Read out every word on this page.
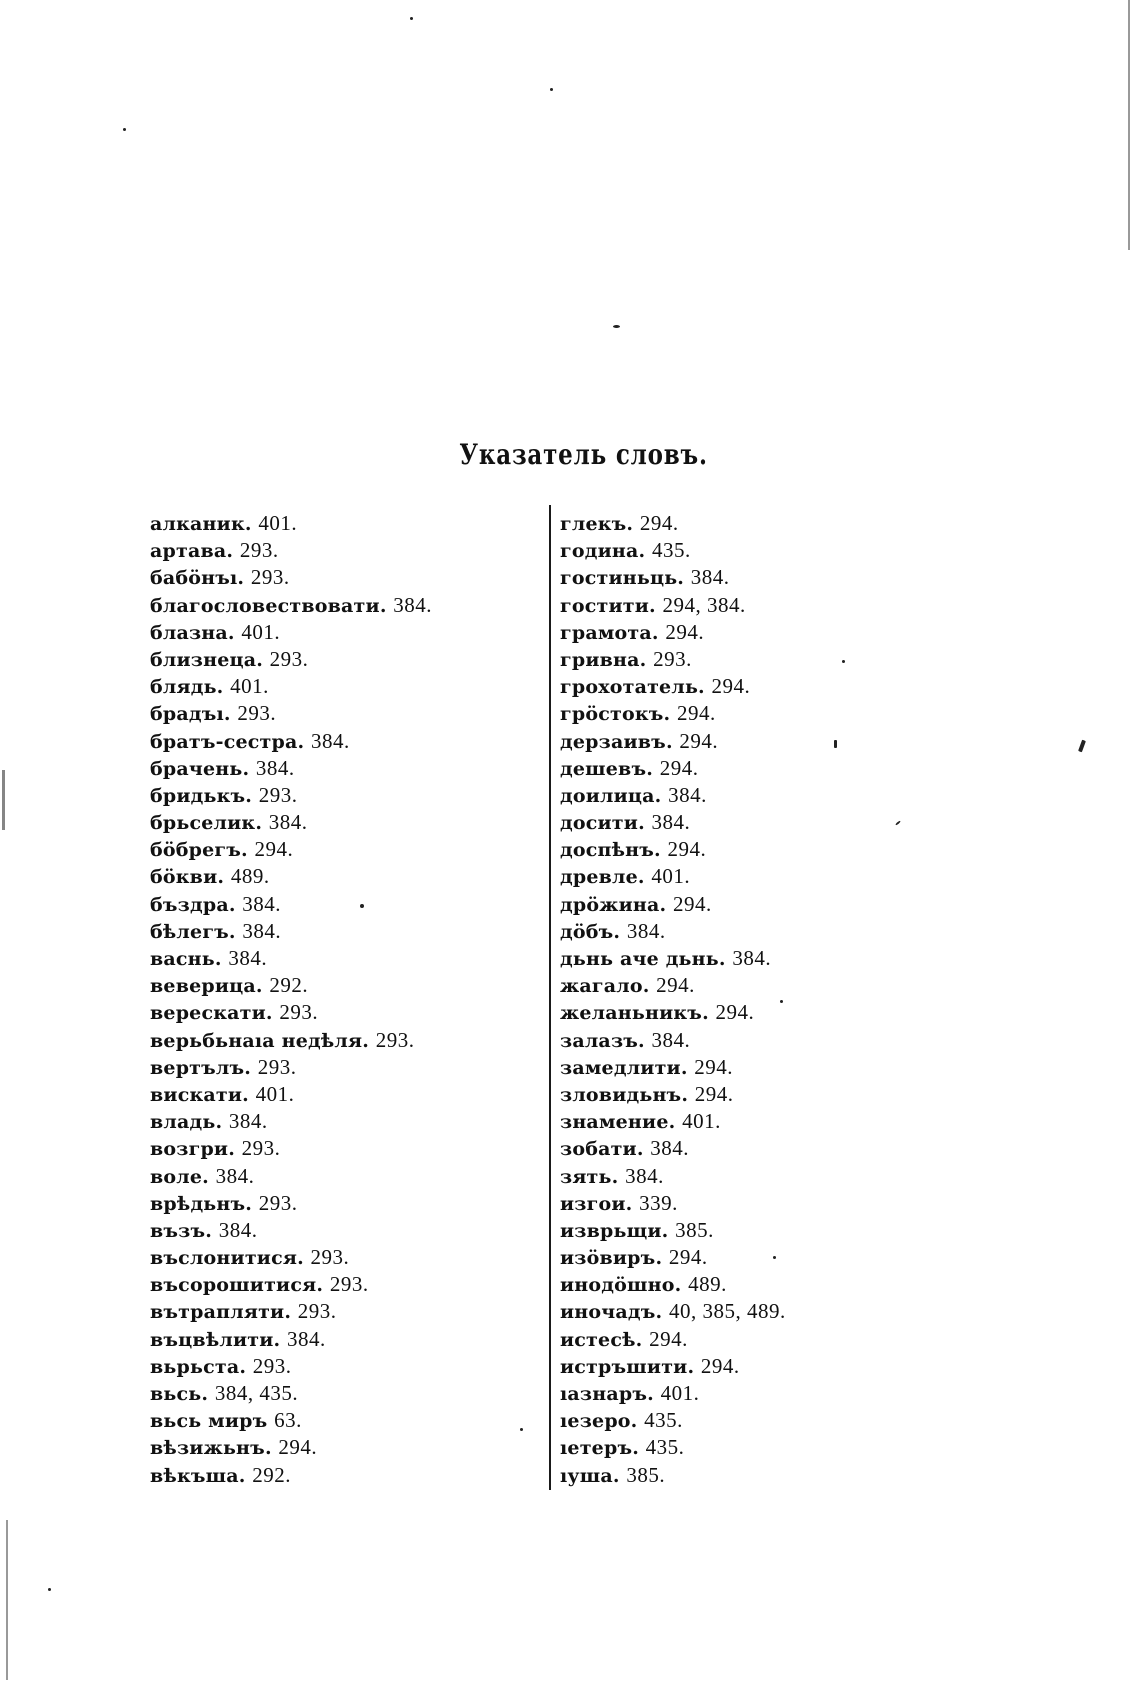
Указатель словъ.
алканик. 401.
артава. 293.
бабӧнъı. 293.
благословествовати. 384.
блазна. 401.
близнеца. 293.
блядь. 401.
брадъı. 293.
братъ-сестра. 384.
брачень. 384.
бридькъ. 293.
брьселик. 384.
бӧбрегъ. 294.
бӧкви. 489.
бъздра. 384.
бѣлегъ. 384.
васнь. 384.
веверица. 292.
верескати. 293.
верьбьнаıа недѣля. 293.
вертълъ. 293.
вискати. 401.
владь. 384.
возгри. 293.
воле. 384.
врѣдьнъ. 293.
възъ. 384.
въслонитися. 293.
въсорошитися. 293.
вътрапляти. 293.
въцвѣлити. 384.
вьрьста. 293.
вьсь. 384, 435.
вьсь миръ 63.
вѣзижьнъ. 294.
вѣкъша. 292.
глекъ. 294.
година. 435.
гостиньць. 384.
гостити. 294, 384.
грамота. 294.
гривна. 293.
грохотатель. 294.
грӧстокъ. 294.
дерзаивъ. 294.
дешевъ. 294.
доилица. 384.
досити. 384.
доспѣнъ. 294.
древле. 401.
дрӧжина. 294.
дӧбъ. 384.
дьнь аче дьнь. 384.
жагало. 294.
желаньникъ. 294.
залазъ. 384.
замедлити. 294.
зловидьнъ. 294.
знамение. 401.
зобати. 384.
зять. 384.
изгои. 339.
изврьщи. 385.
изӧвиръ. 294.
инодӧшно. 489.
иночадъ. 40, 385, 489.
истесѣ. 294.
истръшити. 294.
ıазнаръ. 401.
ıезеро. 435.
ıетеръ. 435.
ıуша. 385.
